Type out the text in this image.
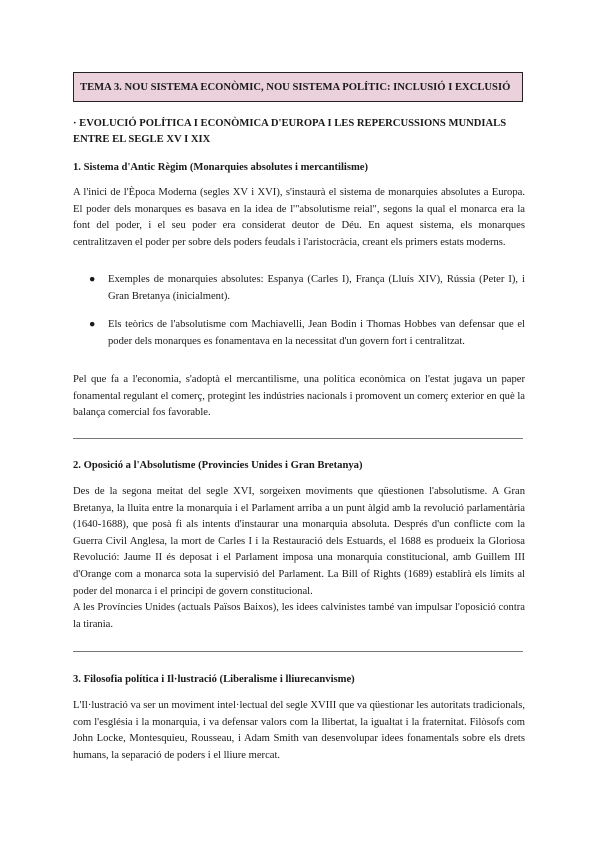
TEMA 3. NOU SISTEMA ECONÒMIC, NOU SISTEMA POLÍTIC: INCLUSIÓ I EXCLUSIÓ
· EVOLUCIÓ POLÍTICA I ECONÒMICA D'EUROPA I LES REPERCUSSIONS MUNDIALS ENTRE EL SEGLE XV I XIX
1. Sistema d'Antic Règim (Monarquies absolutes i mercantilisme)

A l'inici de l'Època Moderna (segles XV i XVI), s'instaurà el sistema de monarquies absolutes a Europa. El poder dels monarques es basava en la idea de l'"absolutisme reial", segons la qual el monarca era la font del poder, i el seu poder era considerat deutor de Déu. En aquest sistema, els monarques centralitzaven el poder per sobre dels poders feudals i l'aristocràcia, creant els primers estats moderns.

● Exemples de monarquies absolutes: Espanya (Carles I), França (Lluís XIV), Rússia (Peter I), i Gran Bretanya (inicialment).
● Els teòrics de l'absolutisme com Machiavelli, Jean Bodin i Thomas Hobbes van defensar que el poder dels monarques es fonamentava en la necessitat d'un govern fort i centralitzat.

Pel que fa a l'economia, s'adoptà el mercantilisme, una política econòmica on l'estat jugava un paper fonamental regulant el comerç, protegint les indústries nacionals i promovent un comerç exterior en què la balança comercial fos favorable.

2. Oposició a l'Absolutisme (Provincies Unides i Gran Bretanya)

Des de la segona meitat del segle XVI, sorgeixen moviments que qüestionen l'absolutisme. A Gran Bretanya, la lluita entre la monarquia i el Parlament arriba a un punt àlgid amb la revolució parlamentària (1640-1688), que posà fi als intents d'instaurar una monarquia absoluta. Després d'un conflicte com la Guerra Civil Anglesa, la mort de Carles I i la Restauració dels Estuards, el 1688 es produeix la Gloriosa Revolució: Jaume II és deposat i el Parlament imposa una monarquia constitucional, amb Guillem III d'Orange com a monarca sota la supervisió del Parlament. La Bill of Rights (1689) establirà els límits al poder del monarca i el principi de govern constitucional.

A les Províncies Unides (actuals Països Baixos), les idees calvinistes també van impulsar l'oposició contra la tirania.

3. Filosofia política i Il·lustració (Liberalisme i lliurecanvisme)

L'Il·lustració va ser un moviment intel·lectual del segle XVIII que va qüestionar les autoritats tradicionals, com l'església i la monarquia, i va defensar valors com la llibertat, la igualtat i la fraternitat. Filòsofs com John Locke, Montesquieu, Rousseau, i Adam Smith van desenvolupar idees fonamentals sobre els drets humans, la separació de poders i el lliure mercat.
